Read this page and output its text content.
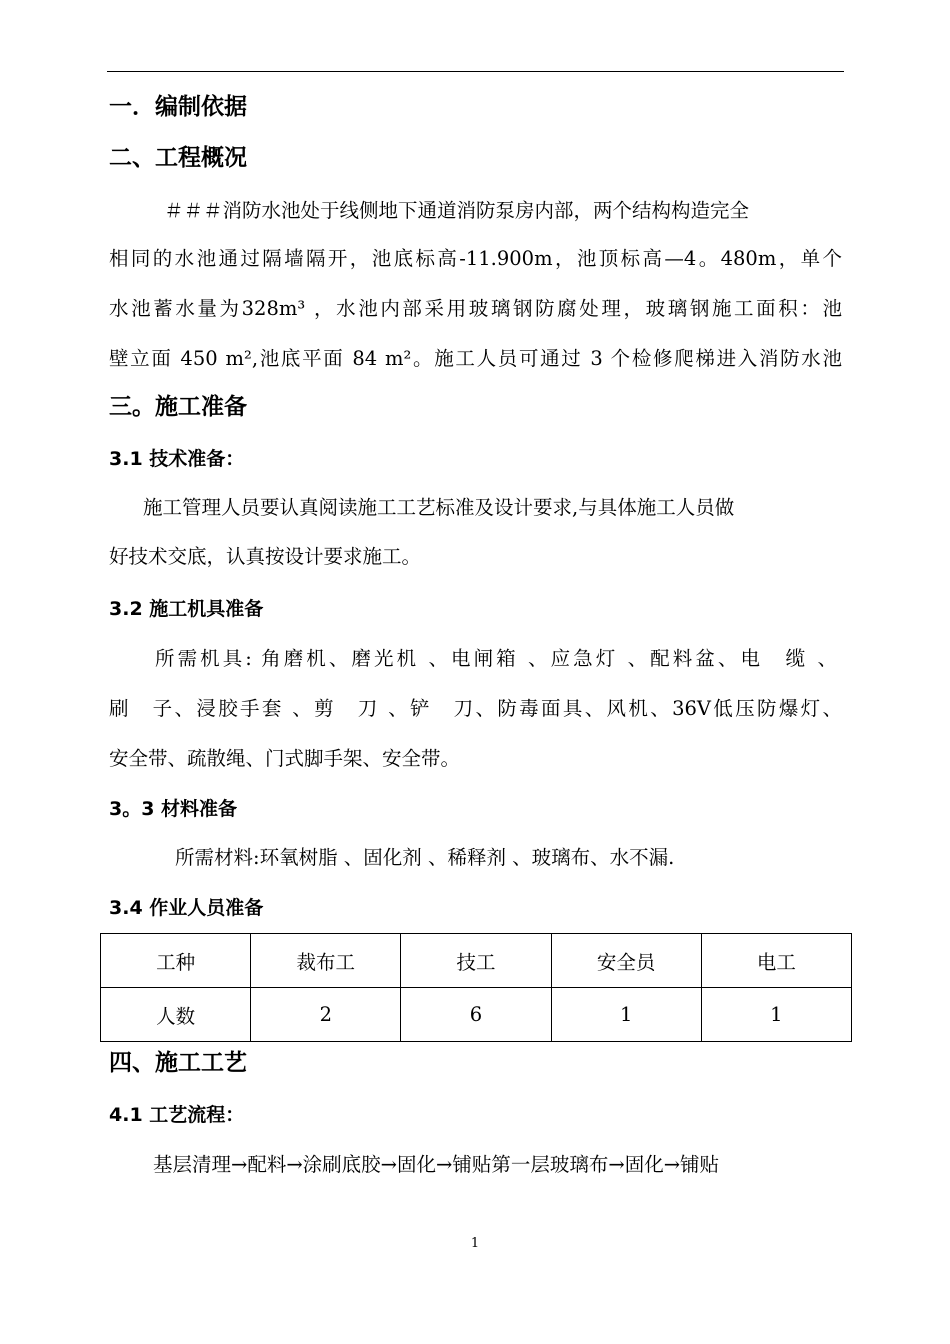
一．编制依据
二、工程概况
＃＃＃消防水池处于线侧地下通道消防泵房内部，两个结构构造完全
相同的水池通过隔墙隔开，池底标高-11.900m，池顶标高—4。480m，单个
水池蓄水量为328m³ ，水池内部采用玻璃钢防腐处理，玻璃钢施工面积：池
壁立面 450 m²,池底平面 84 m²。施工人员可通过 3 个检修爬梯进入消防水池
三。施工准备
3.1 技术准备：
施工管理人员要认真阅读施工工艺标准及设计要求,与具体施工人员做
好技术交底，认真按设计要求施工。
3.2 施工机具准备
所需机具: 角磨机、磨光机 、电闸箱 、应急灯 、配料盆、电　缆 、
刷　子、浸胶手套 、剪　刀 、铲　刀、防毒面具、风机、36V低压防爆灯、
安全带、疏散绳、门式脚手架、安全带。
3。3 材料准备
所需材料:环氧树脂 、固化剂 、稀释剂 、玻璃布、水不漏.
3.4 作业人员准备
工种	裁布工	技工	安全员	电工
人数	2	6	1	1
四、施工工艺
4.1 工艺流程：
基层清理→配料→涂刷底胶→固化→铺贴第一层玻璃布→固化→铺贴
1
